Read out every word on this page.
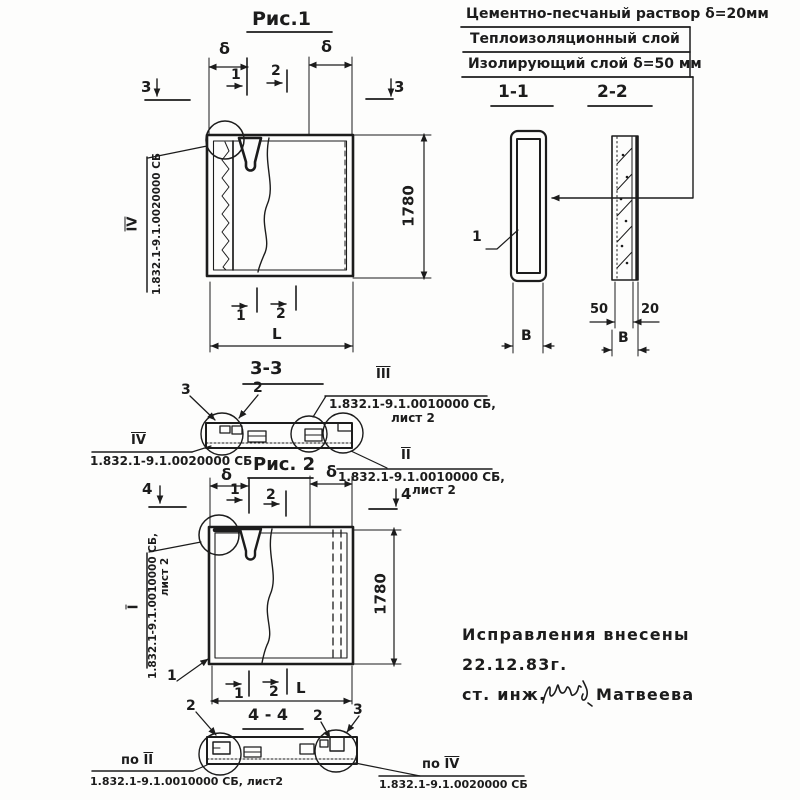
Цементно-песчаный раствор δ=20мм
Теплоизоляционный слой
Изолирующий слой δ=50 мм
Рис.1
δ	δ
1 2
3	3
1780
$\overline{IV}$ 1.832.1-9.1.0020000 СБ
1 2
L
1-1
1
В
2-2
50	20
В
3-3
3	2
$\overline{III}$
1.832.1-9.1.0010000 СБ,
лист 2
$\overline{IV}$
1.832.1-9.1.0020000 СБ	$\overline{II}$
1.832.1-9.1.0010000 СБ,
лист 2
Рис. 2
δ	δ
1 2
4	4
1780
$\overline{I}$ 1.832.1-9.1.0010000 СБ, лист 2
1
1 2 L
4 - 4
2
2 3
по $\overline{II}$
1.832.1-9.1.0010000 СБ, лист2
по $\overline{IV}$
1.832.1-9.1.0020000 СБ
Исправления внесены
22.12.83г.
ст. инж.	Матвеева
